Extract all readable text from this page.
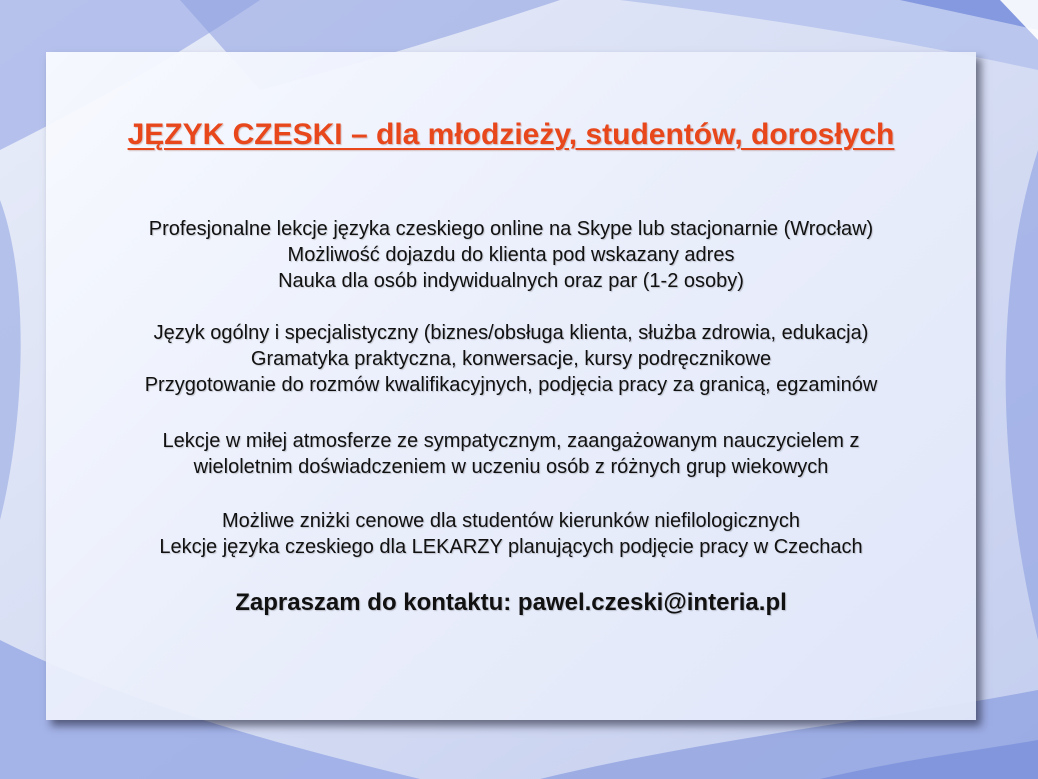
JĘZYK CZESKI – dla młodzieży, studentów, dorosłych

Profesjonalne lekcje języka czeskiego online na Skype lub stacjonarnie (Wrocław)
Możliwość dojazdu do klienta pod wskazany adres
Nauka dla osób indywidualnych oraz par (1-2 osoby)

Język ogólny i specjalistyczny (biznes/obsługa klienta, służba zdrowia, edukacja)
Gramatyka praktyczna, konwersacje, kursy podręcznikowe
Przygotowanie do rozmów kwalifikacyjnych, podjęcia pracy za granicą, egzaminów

Lekcje w miłej atmosferze ze sympatycznym, zaangażowanym nauczycielem z
wieloletnim doświadczeniem w uczeniu osób z różnych grup wiekowych

Możliwe zniżki cenowe dla studentów kierunków niefilologicznych
Lekcje języka czeskiego dla LEKARZY planujących podjęcie pracy w Czechach

Zapraszam do kontaktu: pawel.czeski@interia.pl
